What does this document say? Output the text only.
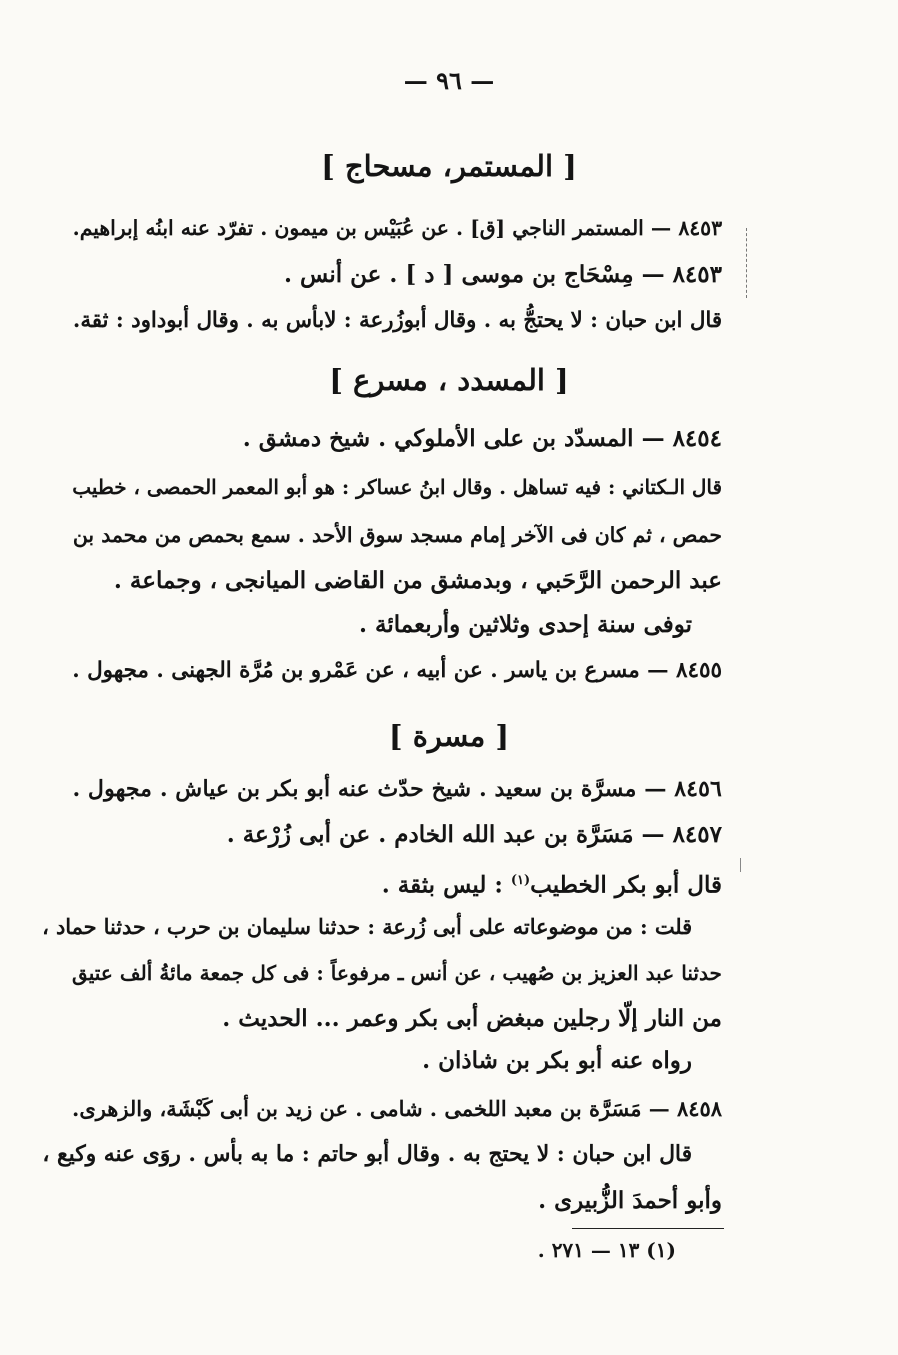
— ٩٦ —
[ المستمر، مسحاج ]
٨٤٥٣ — المستمر الناجي [ق] . عن عُبَيْس بن ميمون . تفرّد عنه ابنُه إبراهيم.
٨٤٥٣ — مِسْحَاج بن موسى [ د ] . عن أنس .
قال ابن حبان : لا يحتجُّ به . وقال أبوزُرعة : لابأس به . وقال أبوداود : ثقة.
[ المسدد ، مسرع ]
٨٤٥٤ — المسدّد بن على الأملوكي . شيخ دمشق .
قال الـكتاني : فيه تساهل . وقال ابنُ عساكر : هو أبو المعمر الحمصى ، خطيب
حمص ، ثم كان فى الآخر إمام مسجد سوق الأحد . سمع بحمص من محمد بن
عبد الرحمن الرَّحَبي ، وبدمشق من القاضى الميانجى ، وجماعة .
توفى سنة إحدى وثلاثين وأربعمائة .
٨٤٥٥ — مسرع بن ياسر . عن أبيه ، عن عَمْرو بن مُرَّة الجهنى . مجهول .
[ مسرة ]
٨٤٥٦ — مسرَّة بن سعيد . شيخ حدّث عنه أبو بكر بن عياش . مجهول .
٨٤٥٧ — مَسَرَّة بن عبد الله الخادم . عن أبى زُرْعة .
قال أبو بكر الخطيب$^{(١)}$ : ليس بثقة .
قلت : من موضوعاته على أبى زُرعة : حدثنا سليمان بن حرب ، حدثنا حماد ،
حدثنا عبد العزيز بن صُهيب ، عن أنس ـ مرفوعاً : فى كل جمعة مائةُ ألف عتيق
من النار إلّا رجلين مبغض أبى بكر وعمر ... الحديث .
رواه عنه أبو بكر بن شاذان .
٨٤٥٨ — مَسَرَّة بن معبد اللخمى . شامى . عن زيد بن أبى كَبْشَة، والزهرى.
قال ابن حبان : لا يحتج به . وقال أبو حاتم : ما به بأس . روَى عنه وكيع ،
وأبو أحمدَ الزُّبيرى .
(١) ١٣ — ٢٧١ .
